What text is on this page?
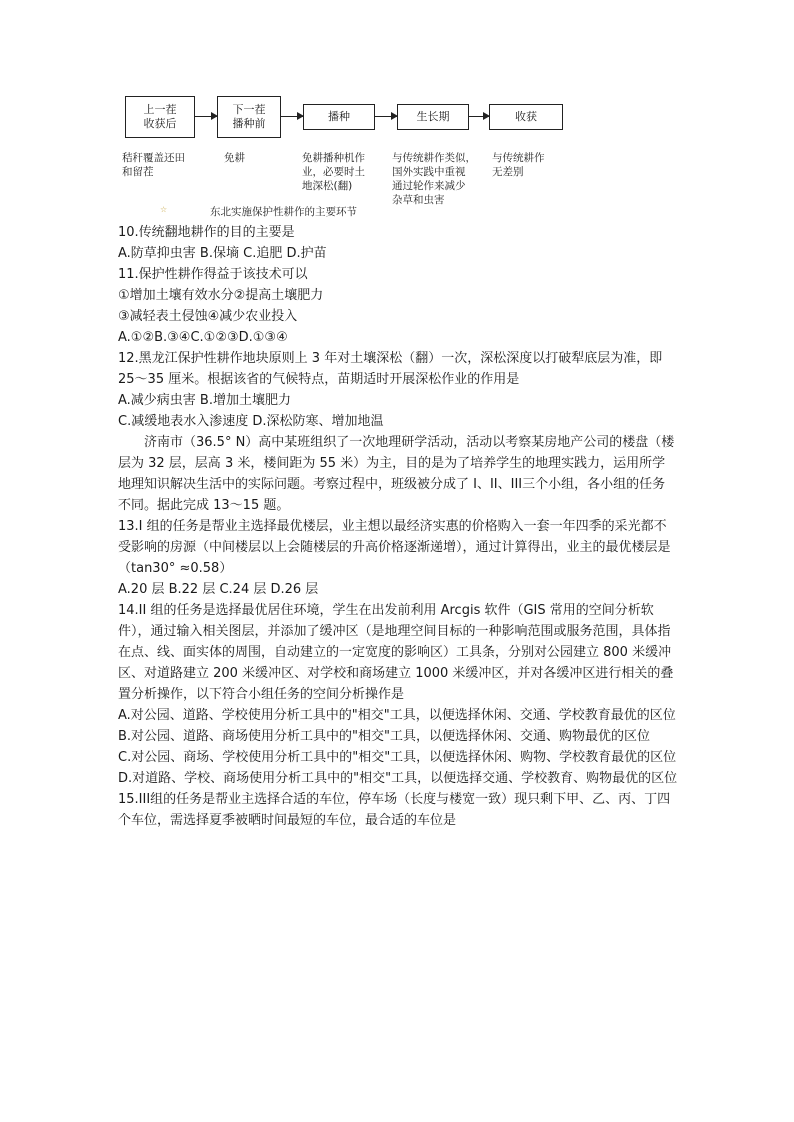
上一茬
收获后
下一茬
播种前
播种	生长期	收获
秸秆覆盖还田
和留茬
免耕	免耕播种机作
业，必要时土
地深松(翻)
与传统耕作类似，
国外实践中重视
通过轮作来减少
杂草和虫害
与传统耕作
无差别
☆	东北实施保护性耕作的主要环节

10.传统翻地耕作的目的主要是

A.防草抑虫害 B.保墒 C.追肥 D.护苗

11.保护性耕作得益于该技术可以

①增加土壤有效水分②提高土壤肥力

③减轻表土侵蚀④减少农业投入

A.①②B.③④C.①②③D.①③④

12.黑龙江保护性耕作地块原则上 3 年对土壤深松（翻）一次，深松深度以打破犁底层为准，即 25～35 厘米。根据该省的气候特点，苗期适时开展深松作业的作用是

A.减少病虫害 B.增加土壤肥力

C.减缓地表水入渗速度 D.深松防寒、增加地温

济南市（36.5° N）高中某班组织了一次地理研学活动，活动以考察某房地产公司的楼盘（楼层为 32 层，层高 3 米，楼间距为 55 米）为主，目的是为了培养学生的地理实践力，运用所学地理知识解决生活中的实际问题。考察过程中，班级被分成了 I、II、III三个小组，各小组的任务不同。据此完成 13～15 题。

13.I 组的任务是帮业主选择最优楼层，业主想以最经济实惠的价格购入一套一年四季的采光都不受影响的房源（中间楼层以上会随楼层的升高价格逐渐递增），通过计算得出，业主的最优楼层是（tan30° ≈0.58）

A.20 层 B.22 层 C.24 层 D.26 层

14.II 组的任务是选择最优居住环境，学生在出发前利用 Arcgis 软件（GIS 常用的空间分析软件），通过输入相关图层，并添加了缓冲区（是地理空间目标的一种影响范围或服务范围，具体指在点、线、面实体的周围，自动建立的一定宽度的影响区）工具条，分别对公园建立 800 米缓冲区、对道路建立 200 米缓冲区、对学校和商场建立 1000 米缓冲区，并对各缓冲区进行相关的叠置分析操作，以下符合小组任务的空间分析操作是

A.对公园、道路、学校使用分析工具中的"相交"工具，以便选择休闲、交通、学校教育最优的区位

B.对公园、道路、商场使用分析工具中的"相交"工具，以便选择休闲、交通、购物最优的区位

C.对公园、商场、学校使用分析工具中的"相交"工具，以便选择休闲、购物、学校教育最优的区位

D.对道路、学校、商场使用分析工具中的"相交"工具，以便选择交通、学校教育、购物最优的区位

15.III组的任务是帮业主选择合适的车位，停车场（长度与楼宽一致）现只剩下甲、乙、丙、丁四个车位，需选择夏季被晒时间最短的车位，最合适的车位是
